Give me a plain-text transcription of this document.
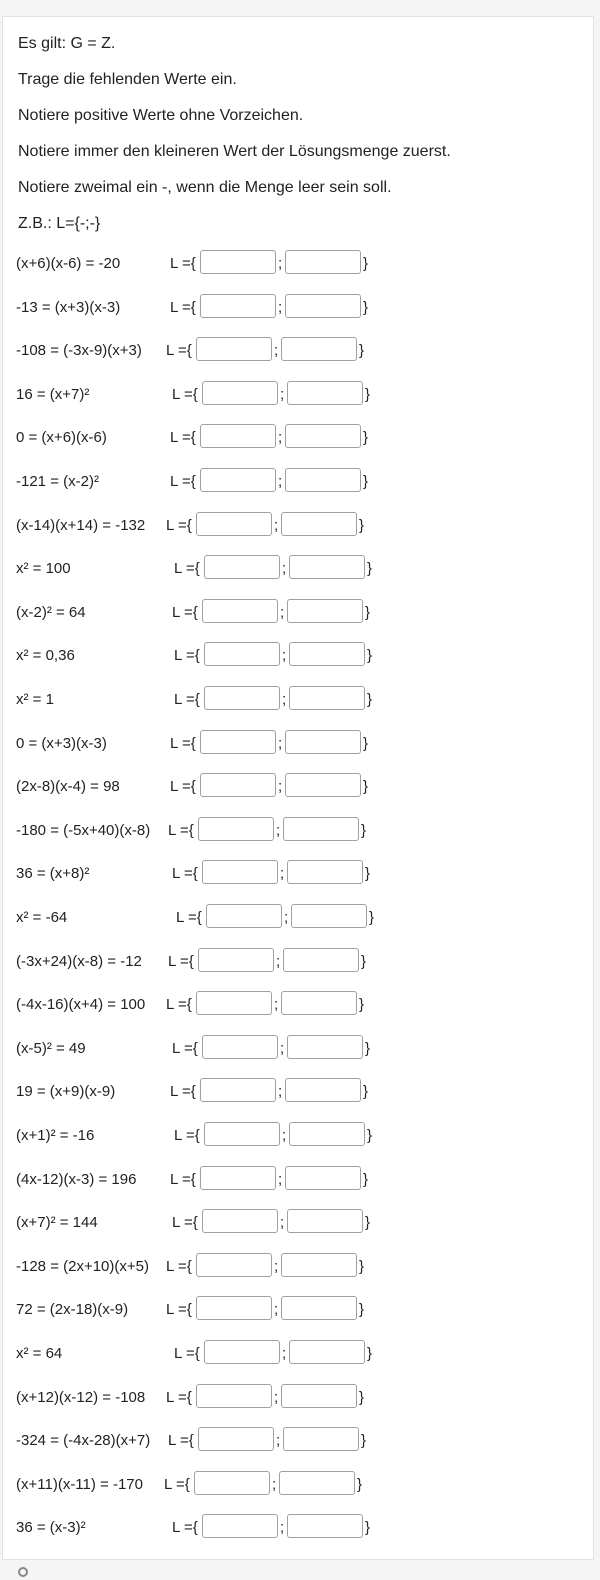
Es gilt: G = Z.
Trage die fehlenden Werte ein.
Notiere positive Werte ohne Vorzeichen.
Notiere immer den kleineren Wert der Lösungsmenge zuerst.
Notiere zweimal ein -, wenn die Menge leer sein soll.
Z.B.: L={-;-}
(x+6)(x-6) = -20	L ={	;	}
-13 = (x+3)(x-3)	L ={	;	}
-108 = (-3x-9)(x+3) L ={	;	}
16 = (x+7)²	L ={	;	}
0 = (x+6)(x-6)	L ={	;	}
-121 = (x-2)²	L ={	;	}
(x-14)(x+14) = -132 L ={	;	}
x² = 100	L ={	;	}
(x-2)² = 64	L ={	;	}
x² = 0,36	L ={	;	}
x² = 1	L ={	;	}
0 = (x+3)(x-3)	L ={	;	}
(2x-8)(x-4) = 98	L ={	;	}
-180 = (-5x+40)(x-8) L ={	;	}
36 = (x+8)²	L ={	;	}
x² = -64	L ={	;	}
(-3x+24)(x-8) = -12 L ={	;	}
(-4x-16)(x+4) = 100 L ={	;	}
(x-5)² = 49	L ={	;	}
19 = (x+9)(x-9)	L ={	;	}
(x+1)² = -16	L ={	;	}
(4x-12)(x-3) = 196 L ={	;	}
(x+7)² = 144	L ={	;	}
-128 = (2x+10)(x+5) L ={	;	}
72 = (2x-18)(x-9)	L ={	;	}
x² = 64	L ={	;	}
(x+12)(x-12) = -108 L ={	;	}
-324 = (-4x-28)(x+7) L ={	;	}
(x+11)(x-11) = -170 L ={	;	}
36 = (x-3)²	L ={	;	}
